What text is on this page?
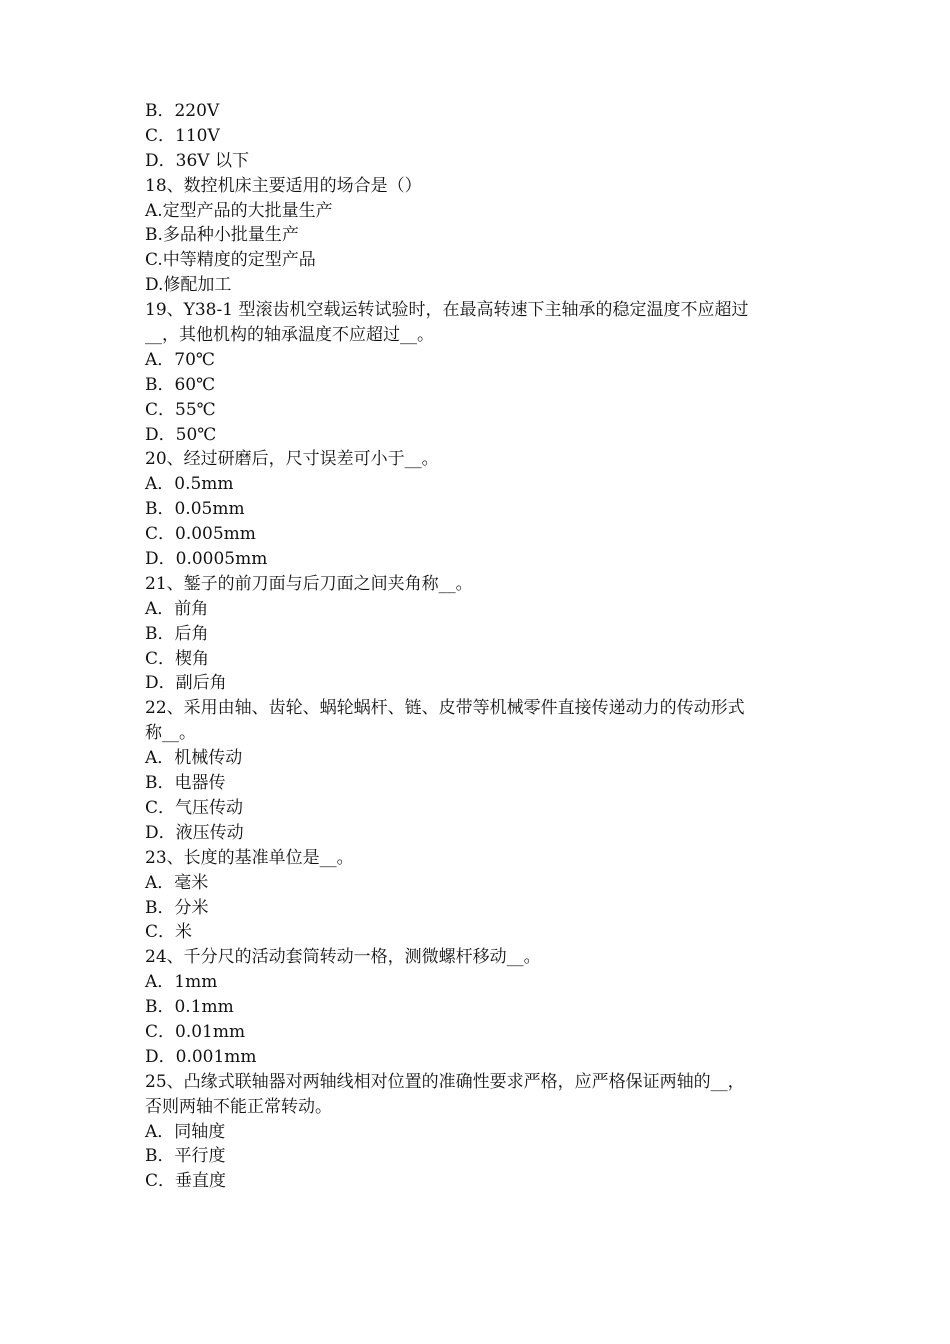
B．220V
C．110V
D．36V 以下
18、数控机床主要适用的场合是（）
A.定型产品的大批量生产
B.多品种小批量生产
C.中等精度的定型产品
D.修配加工
19、Y38-1 型滚齿机空载运转试验时，在最高转速下主轴承的稳定温度不应超过
__，其他机构的轴承温度不应超过__。
A．70℃
B．60℃
C．55℃
D．50℃
20、经过研磨后，尺寸误差可小于__。
A．0.5mm
B．0.05mm
C．0.005mm
D．0.0005mm
21、錾子的前刀面与后刀面之间夹角称__。
A．前角
B．后角
C．楔角
D．副后角
22、采用由轴、齿轮、蜗轮蜗杆、链、皮带等机械零件直接传递动力的传动形式
称__。
A．机械传动
B．电器传
C．气压传动
D．液压传动
23、长度的基准单位是__。
A．毫米
B．分米
C．米
24、千分尺的活动套筒转动一格，测微螺杆移动__。
A．1mm
B．0.1mm
C．0.01mm
D．0.001mm
25、凸缘式联轴器对两轴线相对位置的准确性要求严格，应严格保证两轴的__，
否则两轴不能正常转动。
A．同轴度
B．平行度
C．垂直度
